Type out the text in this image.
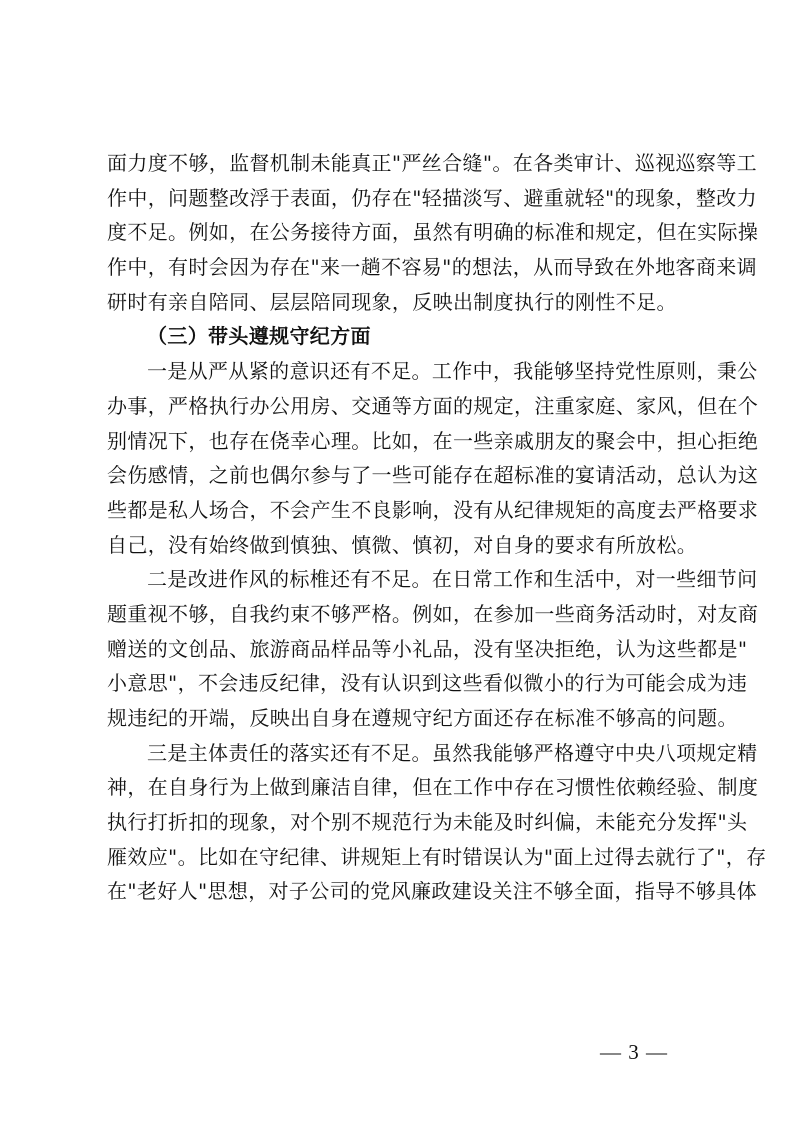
面力度不够，监督机制未能真正"严丝合缝"。在各类审计、巡视巡察等工
作中，问题整改浮于表面，仍存在"轻描淡写、避重就轻"的现象，整改力
度不足。例如，在公务接待方面，虽然有明确的标准和规定，但在实际操
作中，有时会因为存在"来一趟不容易"的想法，从而导致在外地客商来调
研时有亲自陪同、层层陪同现象，反映出制度执行的刚性不足。
（三）带头遵规守纪方面
一是从严从紧的意识还有不足。工作中，我能够坚持党性原则，秉公
办事，严格执行办公用房、交通等方面的规定，注重家庭、家风，但在个
别情况下，也存在侥幸心理。比如，在一些亲戚朋友的聚会中，担心拒绝
会伤感情，之前也偶尔参与了一些可能存在超标准的宴请活动，总认为这
些都是私人场合，不会产生不良影响，没有从纪律规矩的高度去严格要求
自己，没有始终做到慎独、慎微、慎初，对自身的要求有所放松。
二是改进作风的标椎还有不足。在日常工作和生活中，对一些细节问
题重视不够，自我约束不够严格。例如，在参加一些商务活动时，对友商
赠送的文创品、旅游商品样品等小礼品，没有坚决拒绝，认为这些都是"
小意思"，不会违反纪律，没有认识到这些看似微小的行为可能会成为违
规违纪的开端，反映出自身在遵规守纪方面还存在标准不够高的问题。
三是主体责任的落实还有不足。虽然我能够严格遵守中央八项规定精
神，在自身行为上做到廉洁自律，但在工作中存在习惯性依赖经验、制度
执行打折扣的现象，对个别不规范行为未能及时纠偏，未能充分发挥"头
雁效应"。比如在守纪律、讲规矩上有时错误认为"面上过得去就行了"，存
在"老好人"思想，对子公司的党风廉政建设关注不够全面，指导不够具体
— 3 —
